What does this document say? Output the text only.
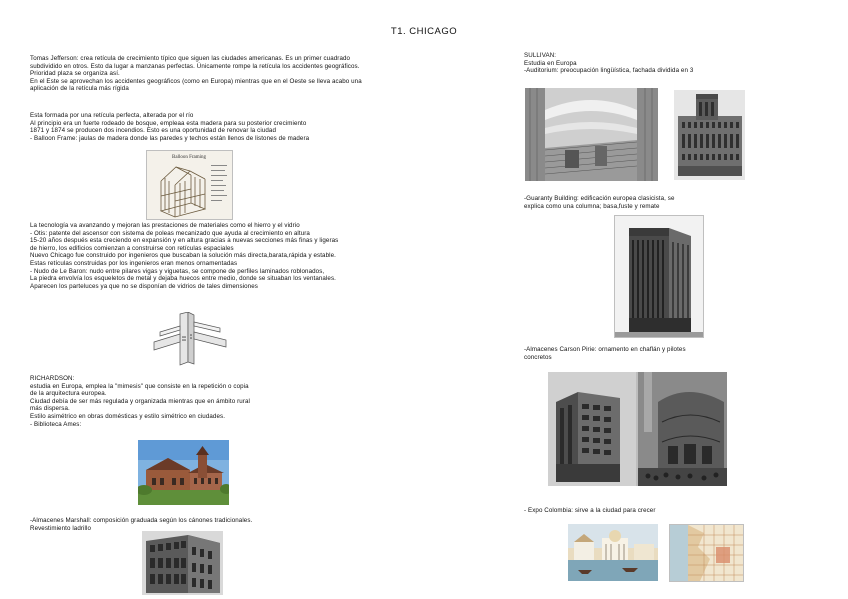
T1. CHICAGO

Tomas Jefferson: crea retícula de crecimiento típico que siguen las ciudades americanas. Es un primer cuadrado

subdividido en otros. Esto da lugar a manzanas perfectas. Únicamente rompe la retícula los accidentes geográficos.

Prioridad plaza se organiza así.

En el Este se aprovechan los accidentes geográficos (como en Europa) mientras que en el Oeste se lleva acabo una

aplicación de la retícula más rígida

Esta formada por una retícula perfecta, alterada por el río

Al principio era un fuerte rodeado de bosque, empleaa esta madera para su posterior crecimiento

1871 y 1874 se producen dos incendios. Esto es una oportunidad de renovar la ciudad

- Balloon Frame: jaulas de madera donde las paredes y techos están llenos de listones de madera

Balloon Framing

La tecnología va avanzando y mejoran las prestaciones de materiales como el hierro y el vidrio

- Otis: patente del ascensor con sistema de poleas mecanizado que ayuda al crecimiento en altura

15-20 años después esta creciendo en expansión y en altura gracias a nuevas secciones más finas y ligeras

de hierro, los edificios comienzan a construirse con retículas espaciales

Nuevo Chicago fue construido por ingenieros que buscaban la solución más directa,barata,rápida y estable.

Estas retículas construidas por los ingenieros eran menos ornamentadas

- Nudo de Le Baron: nudo entre pilares vigas y viguetas, se compone de perfiles laminados roblonados,

La piedra envolvía los esqueletos de metal y dejaba huecos entre medio, donde se situaban los ventanales.

Aparecen los parteluces ya que no se disponían de vidrios de tales dimensiones

RICHARDSON:

estudia en Europa, emplea la "mimesis" que consiste en la repetición o copia

de la arquitectura europea.

Ciudad debía de ser más regulada y organizada mientras que en ámbito rural

más dispersa.

Estilo asimétrico en obras domésticas y estilo simétrico en ciudades.

- Biblioteca Ames:

-Almacenes Marshall: composición graduada según los cánones tradicionales.

Revestimiento ladrillo

SULLIVAN:

Estudia en Europa

-Auditorium: preocupación lingüística, fachada dividida en 3

-Guaranty Building: edificación europea clasicista, se

explica como una columna; basa,fuste y remate

-Almacenes Carson Pirie: ornamento en chaflán y pilotes

concretos

- Expo Colombia: sirve a la ciudad para crecer
